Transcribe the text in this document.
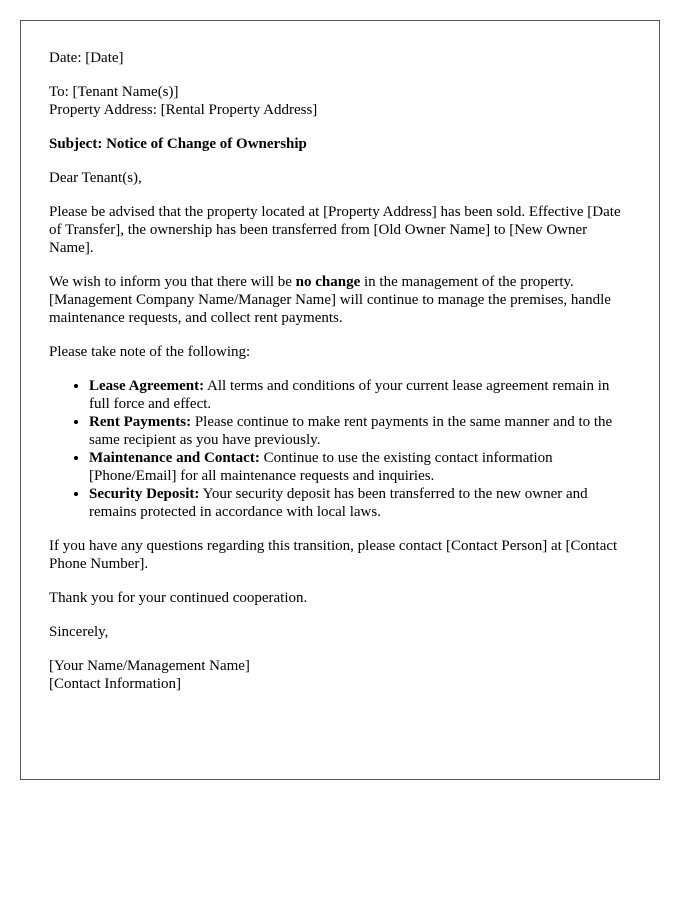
Date: [Date]

To: [Tenant Name(s)]
Property Address: [Rental Property Address]

Subject: Notice of Change of Ownership

Dear Tenant(s),

Please be advised that the property located at [Property Address] has been sold. Effective [Date of Transfer], the ownership has been transferred from [Old Owner Name] to [New Owner Name].

We wish to inform you that there will be no change in the management of the property. [Management Company Name/Manager Name] will continue to manage the premises, handle maintenance requests, and collect rent payments.

Please take note of the following:

• Lease Agreement: All terms and conditions of your current lease agreement remain in full force and effect.
• Rent Payments: Please continue to make rent payments in the same manner and to the same recipient as you have previously.
• Maintenance and Contact: Continue to use the existing contact information [Phone/Email] for all maintenance requests and inquiries.
• Security Deposit: Your security deposit has been transferred to the new owner and remains protected in accordance with local laws.

If you have any questions regarding this transition, please contact [Contact Person] at [Contact Phone Number].

Thank you for your continued cooperation.

Sincerely,

[Your Name/Management Name]
[Contact Information]
